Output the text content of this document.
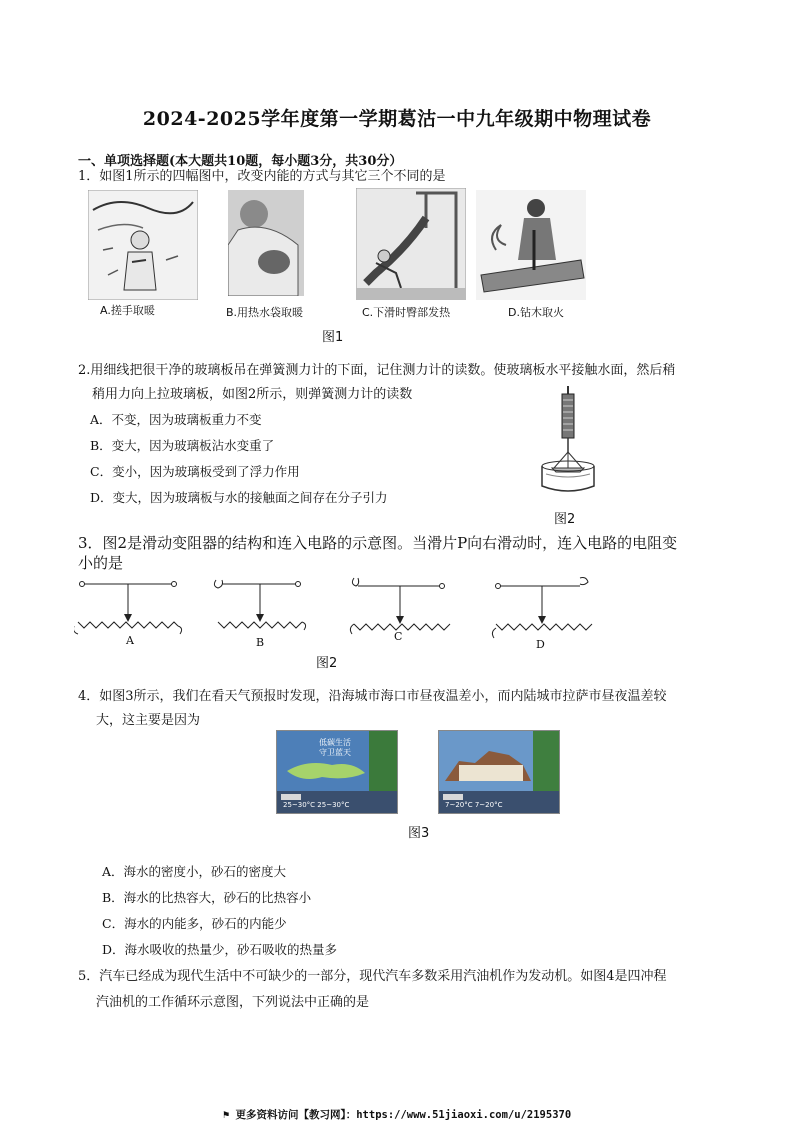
2024-2025学年度第一学期葛沽一中九年级期中物理试卷
一、单项选择题(本大题共10题，每小题3分，共30分）
1．如图1所示的四幅图中，改变内能的方式与其它三个不同的是
A.搓手取暖	B.用热水袋取暖	C.下滑时臀部发热	D.钻木取火
图1
2.用细线把很干净的玻璃板吊在弹簧测力计的下面，记住测力计的读数。使玻璃板水平接触水面，然后稍
稍用力向上拉玻璃板，如图2所示，则弹簧测力计的读数
A．不变，因为玻璃板重力不变
B．变大，因为玻璃板沾水变重了
C．变小，因为玻璃板受到了浮力作用
D．变大，因为玻璃板与水的接触面之间存在分子引力
图2
3．图2是滑动变阻器的结构和连入电路的示意图。当滑片P向右滑动时，连入电路的电阻变
小的是
A	B	C
D
图2
4．如图3所示，我们在看天气预报时发现，沿海城市海口市昼夜温差小，而内陆城市拉萨市昼夜温差较
大，这主要是因为
低碳生活
守卫蓝天
25~30°C 25~30°C	7~20°C 7~20°C
图3
A．海水的密度小，砂石的密度大
B．海水的比热容大，砂石的比热容小
C．海水的内能多，砂石的内能少
D．海水吸收的热量少，砂石吸收的热量多
5．汽车已经成为现代生活中不可缺少的一部分，现代汽车多数采用汽油机作为发动机。如图4是四冲程
汽油机的工作循环示意图，下列说法中正确的是
⚑ 更多资料访问【教习网】：https://www.51jiaoxi.com/u/2195370
